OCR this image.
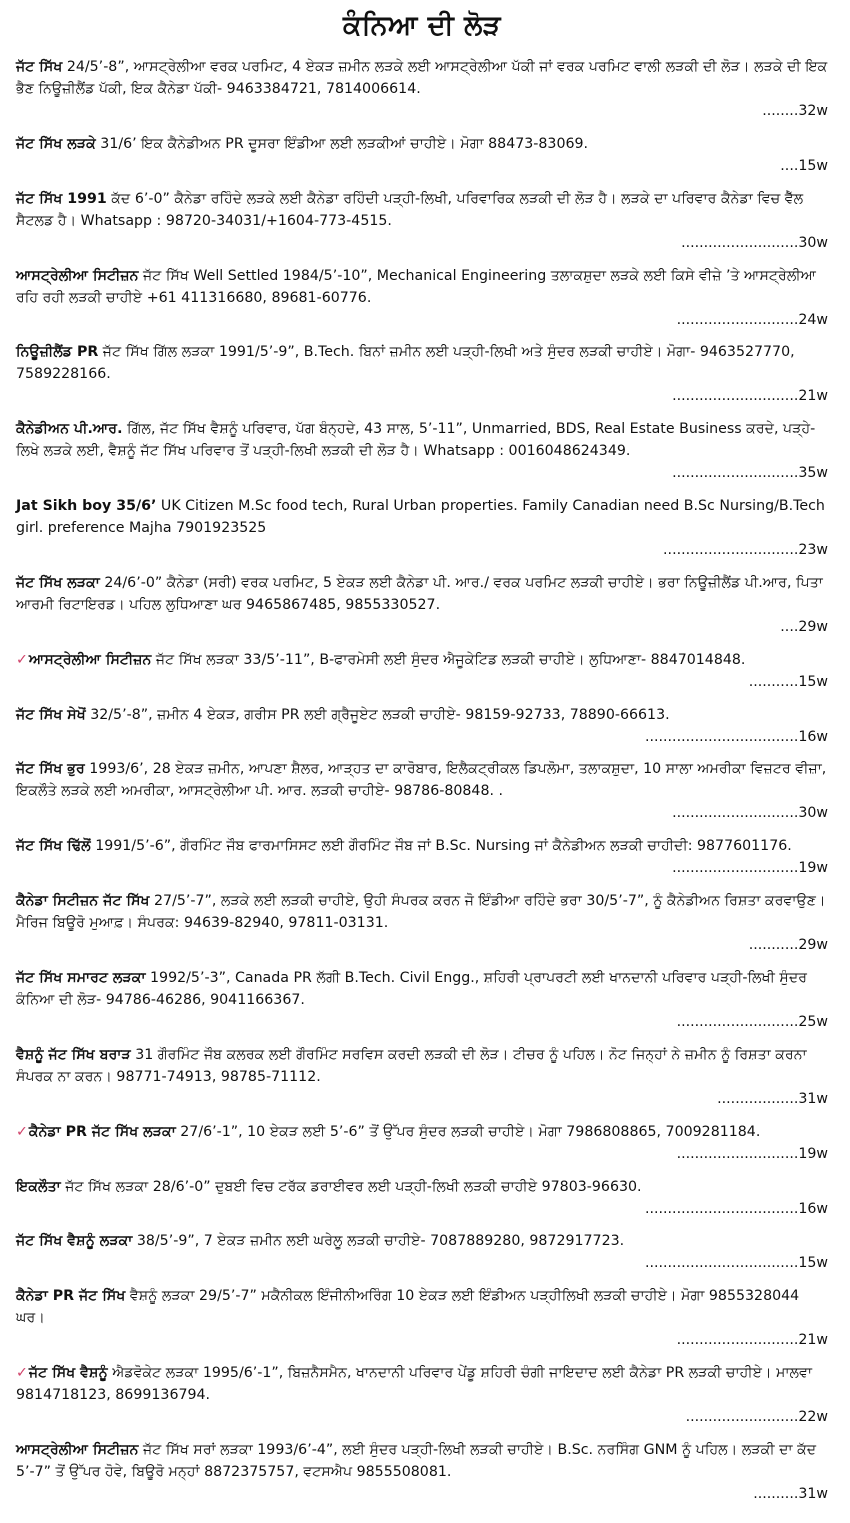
ਕੰਨਿਆ ਦੀ ਲੋੜ

ਜੱਟ ਸਿੱਖ 24/5’-8”, ਆਸਟ੍ਰੇਲੀਆ ਵਰਕ ਪਰਮਿਟ, 4 ਏਕੜ ਜ਼ਮੀਨ ਲੜਕੇ ਲਈ ਆਸਟ੍ਰੇਲੀਆ ਪੱਕੀ ਜਾਂ ਵਰਕ ਪਰਮਿਟ ਵਾਲੀ ਲੜਕੀ ਦੀ ਲੋੜ। ਲੜਕੇ ਦੀ ਇਕ ਭੈਣ ਨਿਊਜ਼ੀਲੈਂਡ ਪੱਕੀ, ਇਕ ਕੈਨੇਡਾ ਪੱਕੀ- 9463384721, 7814006614.

........32w

ਜੱਟ ਸਿੱਖ ਲੜਕੇ 31/6’ ਇਕ ਕੈਨੇਡੀਅਨ PR ਦੂਸਰਾ ਇੰਡੀਆ ਲਈ ਲੜਕੀਆਂ ਚਾਹੀਏ। ਮੋਗਾ 88473-83069.

....15w

ਜੱਟ ਸਿੱਖ 1991 ਕੱਦ 6’-0” ਕੈਨੇਡਾ ਰਹਿੰਦੇ ਲੜਕੇ ਲਈ ਕੈਨੇਡਾ ਰਹਿੰਦੀ ਪੜ੍ਹੀ-ਲਿਖੀ, ਪਰਿਵਾਰਿਕ ਲੜਕੀ ਦੀ ਲੋੜ ਹੈ। ਲੜਕੇ ਦਾ ਪਰਿਵਾਰ ਕੈਨੇਡਾ ਵਿਚ ਵੈੱਲ ਸੈਟਲਡ ਹੈ। Whatsapp : 98720-34031/+1604-773-4515.

..........................30w

ਆਸਟ੍ਰੇਲੀਆ ਸਿਟੀਜ਼ਨ ਜੱਟ ਸਿੱਖ Well Settled 1984/5’-10”, Mechanical Engineering ਤਲਾਕਸ਼ੁਦਾ ਲੜਕੇ ਲਈ ਕਿਸੇ ਵੀਜ਼ੇ ’ਤੇ ਆਸਟ੍ਰੇਲੀਆ ਰਹਿ ਰਹੀ ਲੜਕੀ ਚਾਹੀਏ +61 411316680, 89681-60776.

...........................24w

ਨਿਊਜ਼ੀਲੈਂਡ PR ਜੱਟ ਸਿੱਖ ਗਿੱਲ ਲੜਕਾ 1991/5’-9”, B.Tech. ਬਿਨਾਂ ਜ਼ਮੀਨ ਲਈ ਪੜ੍ਹੀ-ਲਿਖੀ ਅਤੇ ਸੁੰਦਰ ਲੜਕੀ ਚਾਹੀਏ। ਮੋਗਾ- 9463527770, 7589228166.

............................21w

ਕੈਨੇਡੀਅਨ ਪੀ.ਆਰ. ਗਿੱਲ, ਜੱਟ ਸਿੱਖ ਵੈਸ਼ਨੂੰ ਪਰਿਵਾਰ, ਪੱਗ ਬੰਨ੍ਹਦੇ, 43 ਸਾਲ, 5’-11”, Unmarried, BDS, Real Estate Business ਕਰਦੇ, ਪੜ੍ਹੇ-ਲਿਖੇ ਲੜਕੇ ਲਈ, ਵੈਸ਼ਨੂੰ ਜੱਟ ਸਿੱਖ ਪਰਿਵਾਰ ਤੋਂ ਪੜ੍ਹੀ-ਲਿਖੀ ਲੜਕੀ ਦੀ ਲੋੜ ਹੈ। Whatsapp : 0016048624349.

............................35w

Jat Sikh boy 35/6’ UK Citizen M.Sc food tech, Rural Urban properties. Family Canadian need B.Sc Nursing/B.Tech girl. preference Majha 7901923525

..............................23w

ਜੱਟ ਸਿੱਖ ਲੜਕਾ 24/6’-0” ਕੈਨੇਡਾ (ਸਰੀ) ਵਰਕ ਪਰਮਿਟ, 5 ਏਕੜ ਲਈ ਕੈਨੇਡਾ ਪੀ. ਆਰ./ ਵਰਕ ਪਰਮਿਟ ਲੜਕੀ ਚਾਹੀਏ। ਭਰਾ ਨਿਊਜ਼ੀਲੈਂਡ ਪੀ.ਆਰ, ਪਿਤਾ ਆਰਮੀ ਰਿਟਾਇਰਡ। ਪਹਿਲ ਲੁਧਿਆਣਾ ਘਰ 9465867485, 9855330527.

....29w

✓ਆਸਟ੍ਰੇਲੀਆ ਸਿਟੀਜ਼ਨ ਜੱਟ ਸਿੱਖ ਲੜਕਾ 33/5’-11”, B-ਫਾਰਮੇਸੀ ਲਈ ਸੁੰਦਰ ਐਜੂਕੇਟਿਡ ਲੜਕੀ ਚਾਹੀਏ। ਲੁਧਿਆਣਾ- 8847014848.

...........15w

ਜੱਟ ਸਿੱਖ ਸੇਖੋਂ 32/5’-8”, ਜ਼ਮੀਨ 4 ਏਕੜ, ਗਰੀਸ PR ਲਈ ਗ੍ਰੈਜੂਏਟ ਲੜਕੀ ਚਾਹੀਏ- 98159-92733, 78890-66613.

..................................16w

ਜੱਟ ਸਿੱਖ ਭੁਰ 1993/6’, 28 ਏਕੜ ਜ਼ਮੀਨ, ਆਪਣਾ ਸ਼ੈਲਰ, ਆੜ੍ਹਤ ਦਾ ਕਾਰੋਬਾਰ, ਇਲੈਕਟ੍ਰੀਕਲ ਡਿਪਲੋਮਾ, ਤਲਾਕਸ਼ੁਦਾ, 10 ਸਾਲਾ ਅਮਰੀਕਾ ਵਿਜ਼ਟਰ ਵੀਜ਼ਾ, ਇਕਲੌਤੇ ਲੜਕੇ ਲਈ ਅਮਰੀਕਾ, ਆਸਟ੍ਰੇਲੀਆ ਪੀ. ਆਰ. ਲੜਕੀ ਚਾਹੀਏ- 98786-80848. .

............................30w

ਜੱਟ ਸਿੱਖ ਢਿੱਲੋਂ 1991/5’-6”, ਗੌਰਮਿੰਟ ਜੌਬ ਫਾਰਮਾਸਿਸਟ ਲਈ ਗੌਰਮਿੰਟ ਜੌਬ ਜਾਂ B.Sc. Nursing ਜਾਂ ਕੈਨੇਡੀਅਨ ਲੜਕੀ ਚਾਹੀਦੀ: 9877601176.

............................19w

ਕੈਨੇਡਾ ਸਿਟੀਜ਼ਨ ਜੱਟ ਸਿੱਖ 27/5’-7”, ਲੜਕੇ ਲਈ ਲੜਕੀ ਚਾਹੀਏ, ਉਹੀ ਸੰਪਰਕ ਕਰਨ ਜੋ ਇੰਡੀਆ ਰਹਿੰਦੇ ਭਰਾ 30/5’-7”, ਨੂੰ ਕੈਨੇਡੀਅਨ ਰਿਸ਼ਤਾ ਕਰਵਾਉਣ। ਮੈਰਿਜ ਬਿਊਰੋ ਮੁਆਫ਼। ਸੰਪਰਕ: 94639-82940, 97811-03131.

...........29w

ਜੱਟ ਸਿੱਖ ਸਮਾਰਟ ਲੜਕਾ 1992/5’-3”, Canada PR ਲੱਗੀ B.Tech. Civil Engg., ਸ਼ਹਿਰੀ ਪ੍ਰਾਪਰਟੀ ਲਈ ਖਾਨਦਾਨੀ ਪਰਿਵਾਰ ਪੜ੍ਹੀ-ਲਿਖੀ ਸੁੰਦਰ ਕੰਨਿਆ ਦੀ ਲੋੜ- 94786-46286, 9041166367.

...........................25w

ਵੈਸ਼ਨੂੰ ਜੱਟ ਸਿੱਖ ਬਰਾੜ 31 ਗੌਰਮਿੰਟ ਜੌਬ ਕਲਰਕ ਲਈ ਗੌਰਮਿੰਟ ਸਰਵਿਸ ਕਰਦੀ ਲੜਕੀ ਦੀ ਲੋੜ। ਟੀਚਰ ਨੂੰ ਪਹਿਲ। ਨੋਟ ਜਿਨ੍ਹਾਂ ਨੇ ਜ਼ਮੀਨ ਨੂੰ ਰਿਸ਼ਤਾ ਕਰਨਾ ਸੰਪਰਕ ਨਾ ਕਰਨ। 98771-74913, 98785-71112.

..................31w

✓ਕੈਨੇਡਾ PR ਜੱਟ ਸਿੱਖ ਲੜਕਾ 27/6’-1”, 10 ਏਕੜ ਲਈ 5’-6” ਤੋਂ ਉੱਪਰ ਸੁੰਦਰ ਲੜਕੀ ਚਾਹੀਏ। ਮੋਗਾ 7986808865, 7009281184.

...........................19w

ਇਕਲੌਤਾ ਜੱਟ ਸਿੱਖ ਲੜਕਾ 28/6’-0” ਦੁਬਈ ਵਿਚ ਟਰੱਕ ਡਰਾਈਵਰ ਲਈ ਪੜ੍ਹੀ-ਲਿਖੀ ਲੜਕੀ ਚਾਹੀਏ 97803-96630.

..................................16w

ਜੱਟ ਸਿੱਖ ਵੈਸ਼ਨੂੰ ਲੜਕਾ 38/5’-9”, 7 ਏਕੜ ਜ਼ਮੀਨ ਲਈ ਘਰੇਲੂ ਲੜਕੀ ਚਾਹੀਏ- 7087889280, 9872917723.

..................................15w

ਕੈਨੇਡਾ PR ਜੱਟ ਸਿੱਖ ਵੈਸ਼ਨੂੰ ਲੜਕਾ 29/5’-7” ਮਕੈਨੀਕਲ ਇੰਜੀਨੀਅਰਿੰਗ 10 ਏਕੜ ਲਈ ਇੰਡੀਅਨ ਪੜ੍ਹੀਲਿਖੀ ਲੜਕੀ ਚਾਹੀਏ। ਮੋਗਾ 9855328044 ਘਰ।

...........................21w

✓ਜੱਟ ਸਿੱਖ ਵੈਸ਼ਨੂੰ ਐਡਵੋਕੇਟ ਲੜਕਾ 1995/6’-1”, ਬਿਜ਼ਨੈਸਮੈਨ, ਖਾਨਦਾਨੀ ਪਰਿਵਾਰ ਪੇਂਡੂ ਸ਼ਹਿਰੀ ਚੰਗੀ ਜਾਇਦਾਦ ਲਈ ਕੈਨੇਡਾ PR ਲੜਕੀ ਚਾਹੀਏ। ਮਾਲਵਾ 9814718123, 8699136794.

.........................22w

ਆਸਟ੍ਰੇਲੀਆ ਸਿਟੀਜ਼ਨ ਜੱਟ ਸਿੱਖ ਸਰਾਂ ਲੜਕਾ 1993/6’-4”, ਲਈ ਸੁੰਦਰ ਪੜ੍ਹੀ-ਲਿਖੀ ਲੜਕੀ ਚਾਹੀਏ। B.Sc. ਨਰਸਿੰਗ GNM ਨੂੰ ਪਹਿਲ। ਲੜਕੀ ਦਾ ਕੱਦ 5’-7” ਤੋਂ ਉੱਪਰ ਹੋਵੇ, ਬਿਊਰੋ ਮਨ੍ਹਾਂ 8872375757, ਵਟਸਐਪ 9855508081.

..........31w
